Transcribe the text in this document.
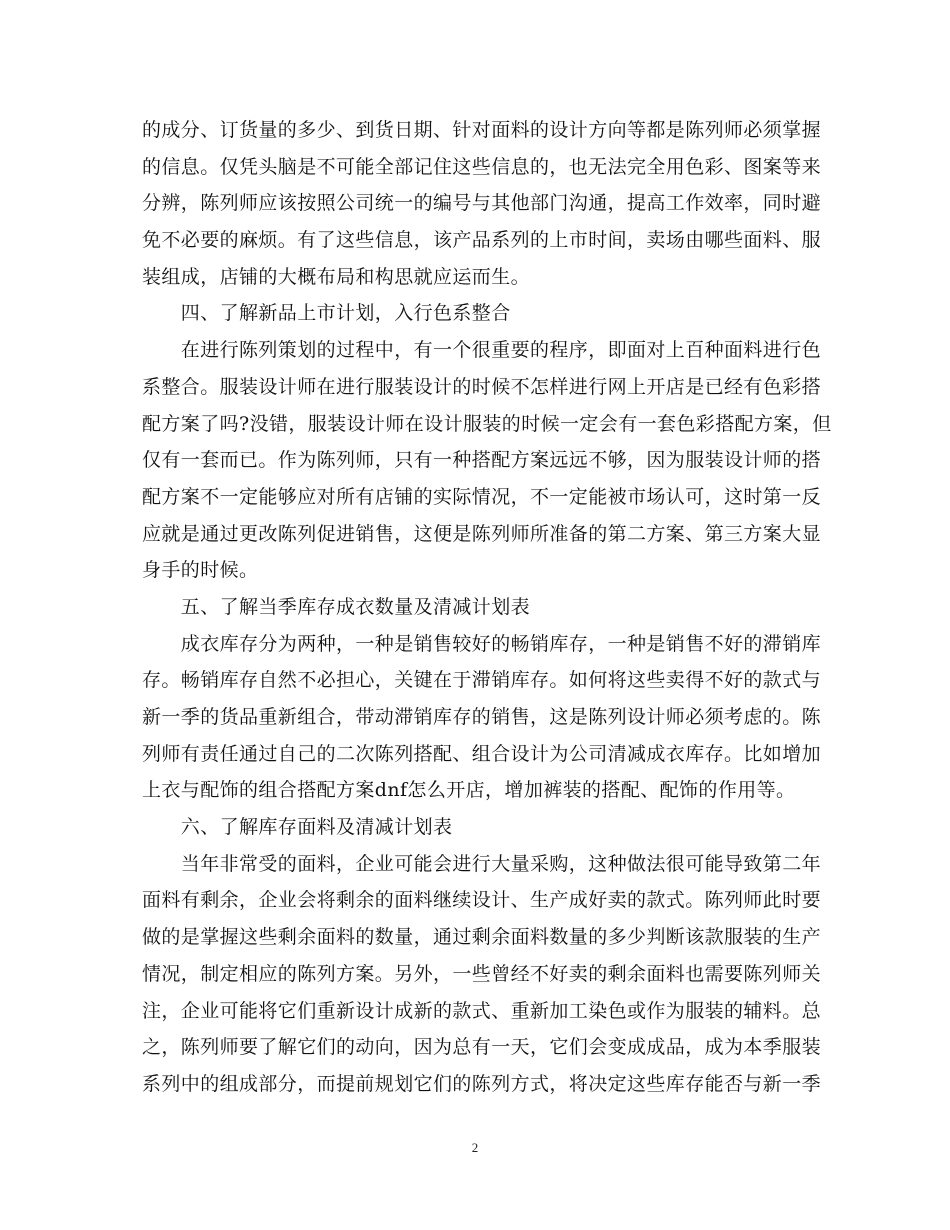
的成分、订货量的多少、到货日期、针对面料的设计方向等都是陈列师必须掌握
的信息。仅凭头脑是不可能全部记住这些信息的，也无法完全用色彩、图案等来
分辨，陈列师应该按照公司统一的编号与其他部门沟通，提高工作效率，同时避
免不必要的麻烦。有了这些信息，该产品系列的上市时间，卖场由哪些面料、服
装组成，店铺的大概布局和构思就应运而生。
　　四、了解新品上市计划，入行色系整合
　　在进行陈列策划的过程中，有一个很重要的程序，即面对上百种面料进行色
系整合。服装设计师在进行服装设计的时候不怎样进行网上开店是已经有色彩搭
配方案了吗?没错，服装设计师在设计服装的时候一定会有一套色彩搭配方案，但
仅有一套而已。作为陈列师，只有一种搭配方案远远不够，因为服装设计师的搭
配方案不一定能够应对所有店铺的实际情况，不一定能被市场认可，这时第一反
应就是通过更改陈列促进销售，这便是陈列师所准备的第二方案、第三方案大显
身手的时候。
　　五、了解当季库存成衣数量及清减计划表
　　成衣库存分为两种，一种是销售较好的畅销库存，一种是销售不好的滞销库
存。畅销库存自然不必担心，关键在于滞销库存。如何将这些卖得不好的款式与
新一季的货品重新组合，带动滞销库存的销售，这是陈列设计师必须考虑的。陈
列师有责任通过自己的二次陈列搭配、组合设计为公司清减成衣库存。比如增加
上衣与配饰的组合搭配方案dnf怎么开店，增加裤装的搭配、配饰的作用等。
　　六、了解库存面料及清减计划表
　　当年非常受的面料，企业可能会进行大量采购，这种做法很可能导致第二年
面料有剩余，企业会将剩余的面料继续设计、生产成好卖的款式。陈列师此时要
做的是掌握这些剩余面料的数量，通过剩余面料数量的多少判断该款服装的生产
情况，制定相应的陈列方案。另外，一些曾经不好卖的剩余面料也需要陈列师关
注，企业可能将它们重新设计成新的款式、重新加工染色或作为服装的辅料。总
之，陈列师要了解它们的动向，因为总有一天，它们会变成成品，成为本季服装
系列中的组成部分，而提前规划它们的陈列方式，将决定这些库存能否与新一季
2
